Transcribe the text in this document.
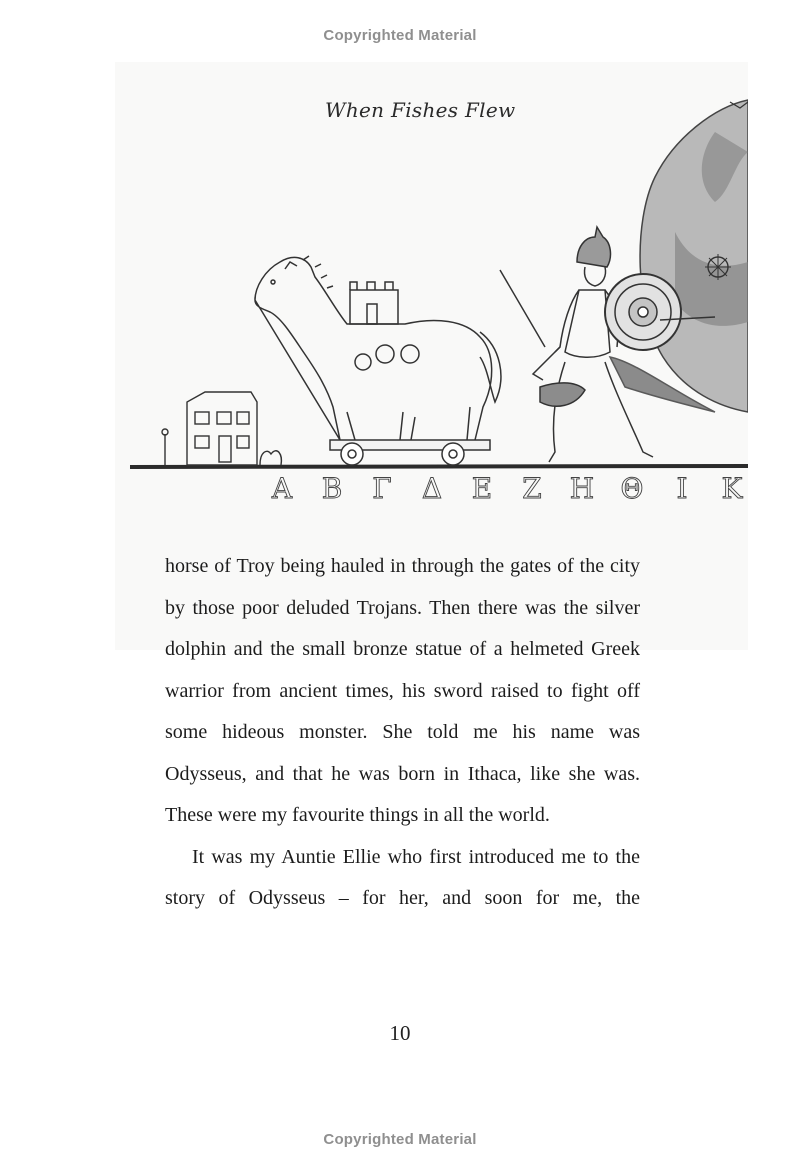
Copyrighted Material
Α Β Γ Δ Ε Ζ Η Θ Ι Κ
When Fishes Flew

horse of Troy being hauled in through the gates of the city by those poor deluded Trojans. Then there was the silver dolphin and the small bronze statue of a helmeted Greek warrior from ancient times, his sword raised to fight off some hideous monster. She told me his name was Odysseus, and that he was born in Ithaca, like she was. These were my favourite things in all the world.

It was my Auntie Ellie who first introduced me to the story of Odysseus – for her, and soon for me, the

10
Copyrighted Material
